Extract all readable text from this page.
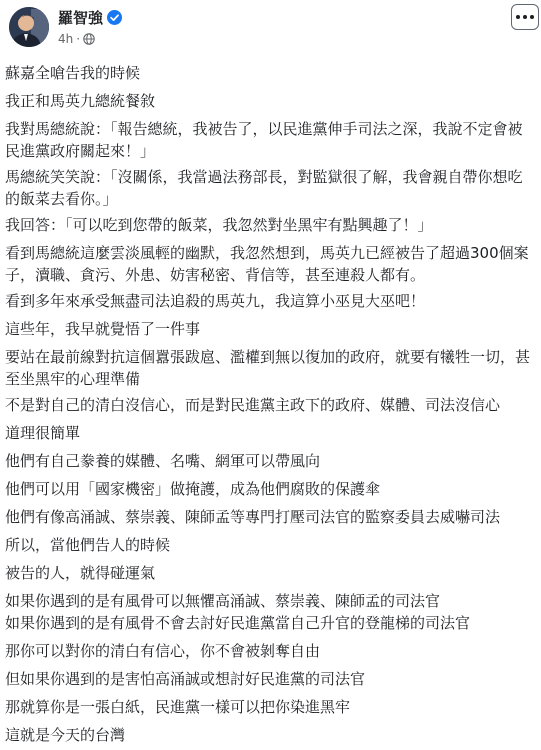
羅智強
4h ·

蘇嘉全嗆告我的時候

我正和馬英九總統餐敘

我對馬總統說：「報告總統，我被告了，以民進黨伸手司法之深，我說不定會被民進黨政府關起來！」

馬總統笑笑說：「沒關係，我當過法務部長，對監獄很了解，我會親自帶你想吃的飯菜去看你。」

我回答：「可以吃到您帶的飯菜，我忽然對坐黑牢有點興趣了！」

看到馬總統這麼雲淡風輕的幽默，我忽然想到，馬英九已經被告了超過300個案子，瀆職、貪污、外患、妨害秘密、背信等，甚至連殺人都有。

看到多年來承受無盡司法追殺的馬英九，我這算小巫見大巫吧！

這些年，我早就覺悟了一件事

要站在最前線對抗這個囂張跋扈、濫權到無以復加的政府，就要有犧牲一切，甚至坐黑牢的心理準備

不是對自己的清白沒信心，而是對民進黨主政下的政府、媒體、司法沒信心

道理很簡單

他們有自己豢養的媒體、名嘴、網軍可以帶風向

他們可以用「國家機密」做掩護，成為他們腐敗的保護傘

他們有像高涌誠、蔡崇義、陳師孟等專門打壓司法官的監察委員去威嚇司法

所以，當他們告人的時候

被告的人，就得碰運氣

如果你遇到的是有風骨可以無懼高涌誠、蔡崇義、陳師孟的司法官

如果你遇到的是有風骨不會去討好民進黨當自己升官的登龍梯的司法官

那你可以對你的清白有信心，你不會被剝奪自由

但如果你遇到的是害怕高涌誠或想討好民進黨的司法官

那就算你是一張白紙，民進黨一樣可以把你染進黑牢

這就是今天的台灣
